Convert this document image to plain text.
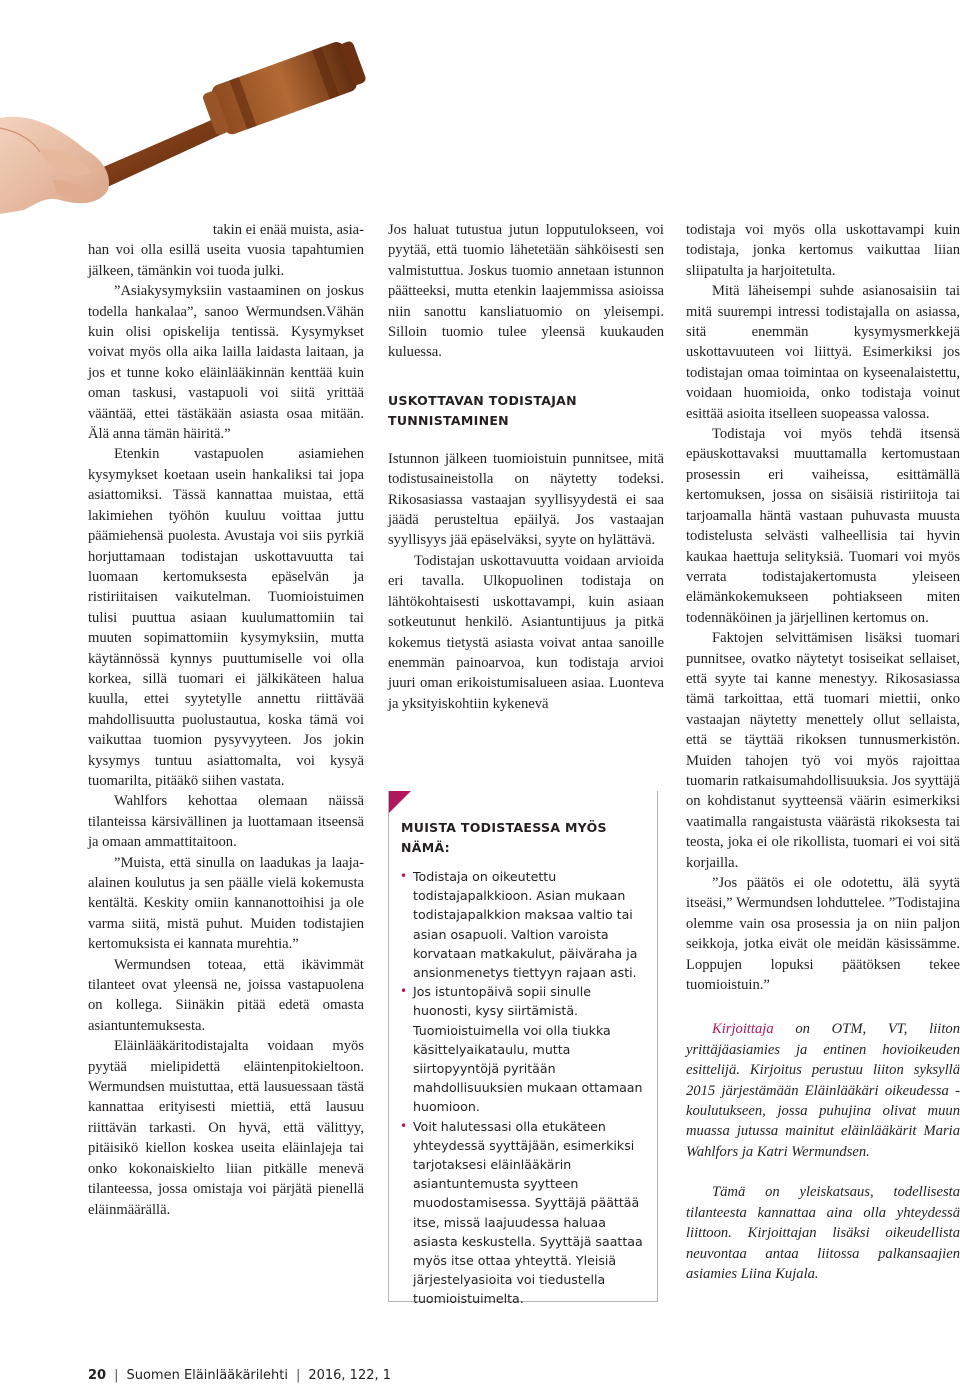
takin ei enää muista, asia-

han voi olla esillä useita vuosia tapahtumien jälkeen, tämänkin voi tuoda julki.

”Asiakysymyksiin vastaaminen on joskus todella hankalaa”, sanoo Wermundsen.Vähän kuin olisi opiskelija tentissä. Kysymykset voivat myös olla aika lailla laidasta laitaan, ja jos et tunne koko eläinlääkinnän kenttää kuin oman taskusi, vastapuoli voi siitä yrittää vääntää, ettei tästäkään asiasta osaa mitään. Älä anna tämän häiritä.”

Etenkin vastapuolen asiamiehen kysymykset koetaan usein hankaliksi tai jopa asiattomiksi. Tässä kannattaa muistaa, että lakimiehen työhön kuuluu voittaa juttu päämiehensä puolesta. Avustaja voi siis pyrkiä horjuttamaan todistajan uskottavuutta tai luomaan kertomuksesta epäselvän ja ristiriitaisen vaikutelman. Tuomioistuimen tulisi puuttua asiaan kuulumattomiin tai muuten sopimattomiin kysymyksiin, mutta käytännössä kynnys puuttumiselle voi olla korkea, sillä tuomari ei jälkikäteen halua kuulla, ettei syytetylle annettu riittävää mahdollisuutta puolustautua, koska tämä voi vaikuttaa tuomion pysyvyyteen. Jos jokin kysymys tuntuu asiattomalta, voi kysyä tuomarilta, pitääkö siihen vastata.

Wahlfors kehottaa olemaan näissä tilanteissa kärsivällinen ja luottamaan itseensä ja omaan ammattitaitoon.

”Muista, että sinulla on laadukas ja laaja-alainen koulutus ja sen päälle vielä kokemusta kentältä. Keskity omiin kannanottoihisi ja ole varma siitä, mistä puhut. Muiden todistajien kertomuksista ei kannata murehtia.”

Wermundsen toteaa, että ikävimmät tilanteet ovat yleensä ne, joissa vastapuolena on kollega. Siinäkin pitää edetä omasta asiantuntemuksesta.

Eläinlääkäritodistajalta voidaan myös pyytää mielipidettä eläintenpitokieltoon. Wermundsen muistuttaa, että lausuessaan tästä kannattaa erityisesti miettiä, että lausuu riittävän tarkasti. On hyvä, että välittyy, pitäisikö kiellon koskea useita eläinlajeja tai onko kokonaiskielto liian pitkälle menevä tilanteessa, jossa omistaja voi pärjätä pienellä eläinmäärällä.

Jos haluat tutustua jutun lopputulokseen, voi pyytää, että tuomio lähetetään sähköisesti sen valmistuttua. Joskus tuomio annetaan istunnon päätteeksi, mutta etenkin laajemmissa asioissa niin sanottu kansliatuomio on yleisempi. Silloin tuomio tulee yleensä kuukauden kuluessa.

USKOTTAVAN TODISTAJAN TUNNISTAMINEN

Istunnon jälkeen tuomioistuin punnitsee, mitä todistusaineistolla on näytetty todeksi. Rikosasiassa vastaajan syyllisyydestä ei saa jäädä perusteltua epäilyä. Jos vastaajan syyllisyys jää epäselväksi, syyte on hylättävä.

Todistajan uskottavuutta voidaan arvioida eri tavalla. Ulkopuolinen todistaja on lähtökohtaisesti uskottavampi, kuin asiaan sotkeutunut henkilö. Asiantuntijuus ja pitkä kokemus tietystä asiasta voivat antaa sanoille enemmän painoarvoa, kun todistaja arvioi juuri oman erikoistumisalueen asiaa. Luonteva ja yksityiskohtiin kykenevä

MUISTA TODISTAESSA MYÖS NÄMÄ:
• Todistaja on oikeutettu todistajapalkkioon. Asian mukaan todistajapalkkion maksaa valtio tai asian osapuoli. Valtion varoista korvataan matkakulut, päiväraha ja ansionmenetys tiettyyn rajaan asti.
• Jos istuntopäivä sopii sinulle huonosti, kysy siirtämistä. Tuomioistuimella voi olla tiukka käsittelyaikataulu, mutta siirtopyyntöjä pyritään mahdollisuuksien mukaan ottamaan huomioon.
• Voit halutessasi olla etukäteen yhteydessä syyttäjään, esimerkiksi tarjotaksesi eläinlääkärin asiantuntemusta syytteen muodostamisessa. Syyttäjä päättää itse, missä laajuudessa haluaa asiasta keskustella. Syyttäjä saattaa myös itse ottaa yhteyttä. Yleisiä järjestelyasioita voi tiedustella tuomioistuimelta.

todistaja voi myös olla uskottavampi kuin todistaja, jonka kertomus vaikuttaa liian sliipatulta ja harjoitetulta.

Mitä läheisempi suhde asianosaisiin tai mitä suurempi intressi todistajalla on asiassa, sitä enemmän kysymysmerkkejä uskottavuuteen voi liittyä. Esimerkiksi jos todistajan omaa toimintaa on kyseenalaistettu, voidaan huomioida, onko todistaja voinut esittää asioita itselleen suopeassa valossa.

Todistaja voi myös tehdä itsensä epäuskottavaksi muuttamalla kertomustaan prosessin eri vaiheissa, esittämällä kertomuksen, jossa on sisäisiä ristiriitoja tai tarjoamalla häntä vastaan puhuvasta muusta todistelusta selvästi valheellisia tai hyvin kaukaa haettuja selityksiä. Tuomari voi myös verrata todistajakertomusta yleiseen elämänkokemukseen pohtiakseen miten todennäköinen ja järjellinen kertomus on.

Faktojen selvittämisen lisäksi tuomari punnitsee, ovatko näytetyt tosiseikat sellaiset, että syyte tai kanne menestyy. Rikosasiassa tämä tarkoittaa, että tuomari miettii, onko vastaajan näytetty menettely ollut sellaista, että se täyttää rikoksen tunnusmerkistön. Muiden tahojen työ voi myös rajoittaa tuomarin ratkaisumahdollisuuksia. Jos syyttäjä on kohdistanut syytteensä väärin esimerkiksi vaatimalla rangaistusta väärästä rikoksesta tai teosta, joka ei ole rikollista, tuomari ei voi sitä korjailla.

”Jos päätös ei ole odotettu, älä syytä itseäsi,” Wermundsen lohduttelee. ”Todistajina olemme vain osa prosessia ja on niin paljon seikkoja, jotka eivät ole meidän käsissämme. Loppujen lopuksi päätöksen tekee tuomioistuin.”

Kirjoittaja on OTM, VT, liiton yrittäjäasiamies ja entinen hovioikeuden esittelijä. Kirjoitus perustuu liiton syksyllä 2015 järjestämään Eläinlääkäri oikeudessa -koulutukseen, jossa puhujina olivat muun muassa jutussa mainitut eläinlääkärit Maria Wahlfors ja Katri Wermundsen.

Tämä on yleiskatsaus, todellisesta tilanteesta kannattaa aina olla yhteydessä liittoon. Kirjoittajan lisäksi oikeudellista neuvontaa antaa liitossa palkansaajien asiamies Liina Kujala.

20 | Suomen Eläinlääkärilehti | 2016, 122, 1
